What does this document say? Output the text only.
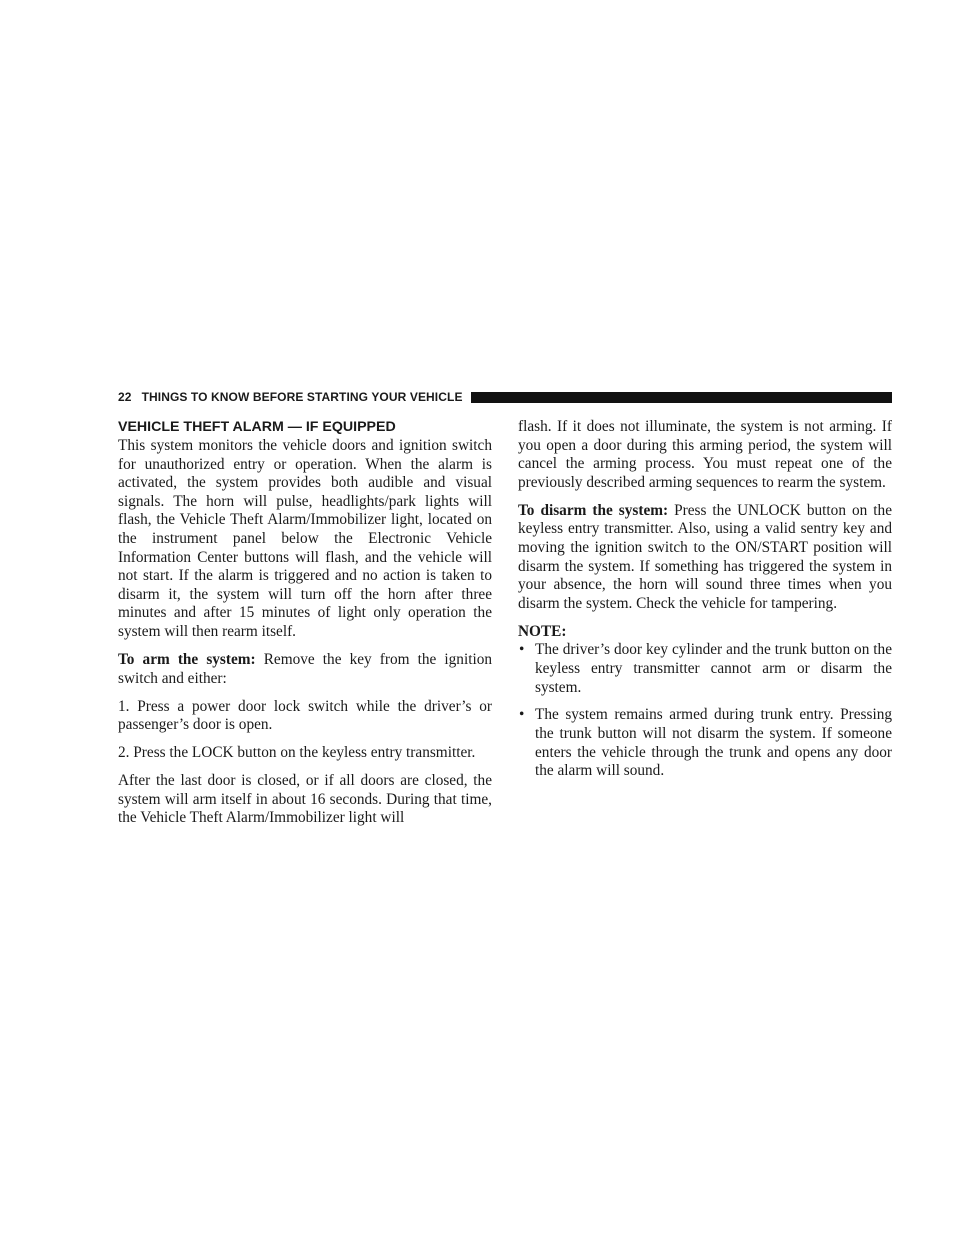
22 THINGS TO KNOW BEFORE STARTING YOUR VEHICLE
VEHICLE THEFT ALARM — IF EQUIPPED

This system monitors the vehicle doors and ignition switch for unauthorized entry or operation. When the alarm is activated, the system provides both audible and visual signals. The horn will pulse, headlights/park lights will flash, the Vehicle Theft Alarm/Immobilizer light, located on the instrument panel below the Electronic Vehicle Information Center buttons will flash, and the vehicle will not start. If the alarm is triggered and no action is taken to disarm it, the system will turn off the horn after three minutes and after 15 minutes of light only operation the system will then rearm itself.

To arm the system: Remove the key from the ignition switch and either:

1. Press a power door lock switch while the driver’s or passenger’s door is open.

2. Press the LOCK button on the keyless entry transmitter.

After the last door is closed, or if all doors are closed, the system will arm itself in about 16 seconds. During that time, the Vehicle Theft Alarm/Immobilizer light will

flash. If it does not illuminate, the system is not arming. If you open a door during this arming period, the system will cancel the arming process. You must repeat one of the previously described arming sequences to rearm the system.

To disarm the system: Press the UNLOCK button on the keyless entry transmitter. Also, using a valid sentry key and moving the ignition switch to the ON/START position will disarm the system. If something has triggered the system in your absence, the horn will sound three times when you disarm the system. Check the vehicle for tampering.

NOTE:
• The driver’s door key cylinder and the trunk button on the keyless entry transmitter cannot arm or disarm the system.
• The system remains armed during trunk entry. Pressing the trunk button will not disarm the system. If someone enters the vehicle through the trunk and opens any door the alarm will sound.
